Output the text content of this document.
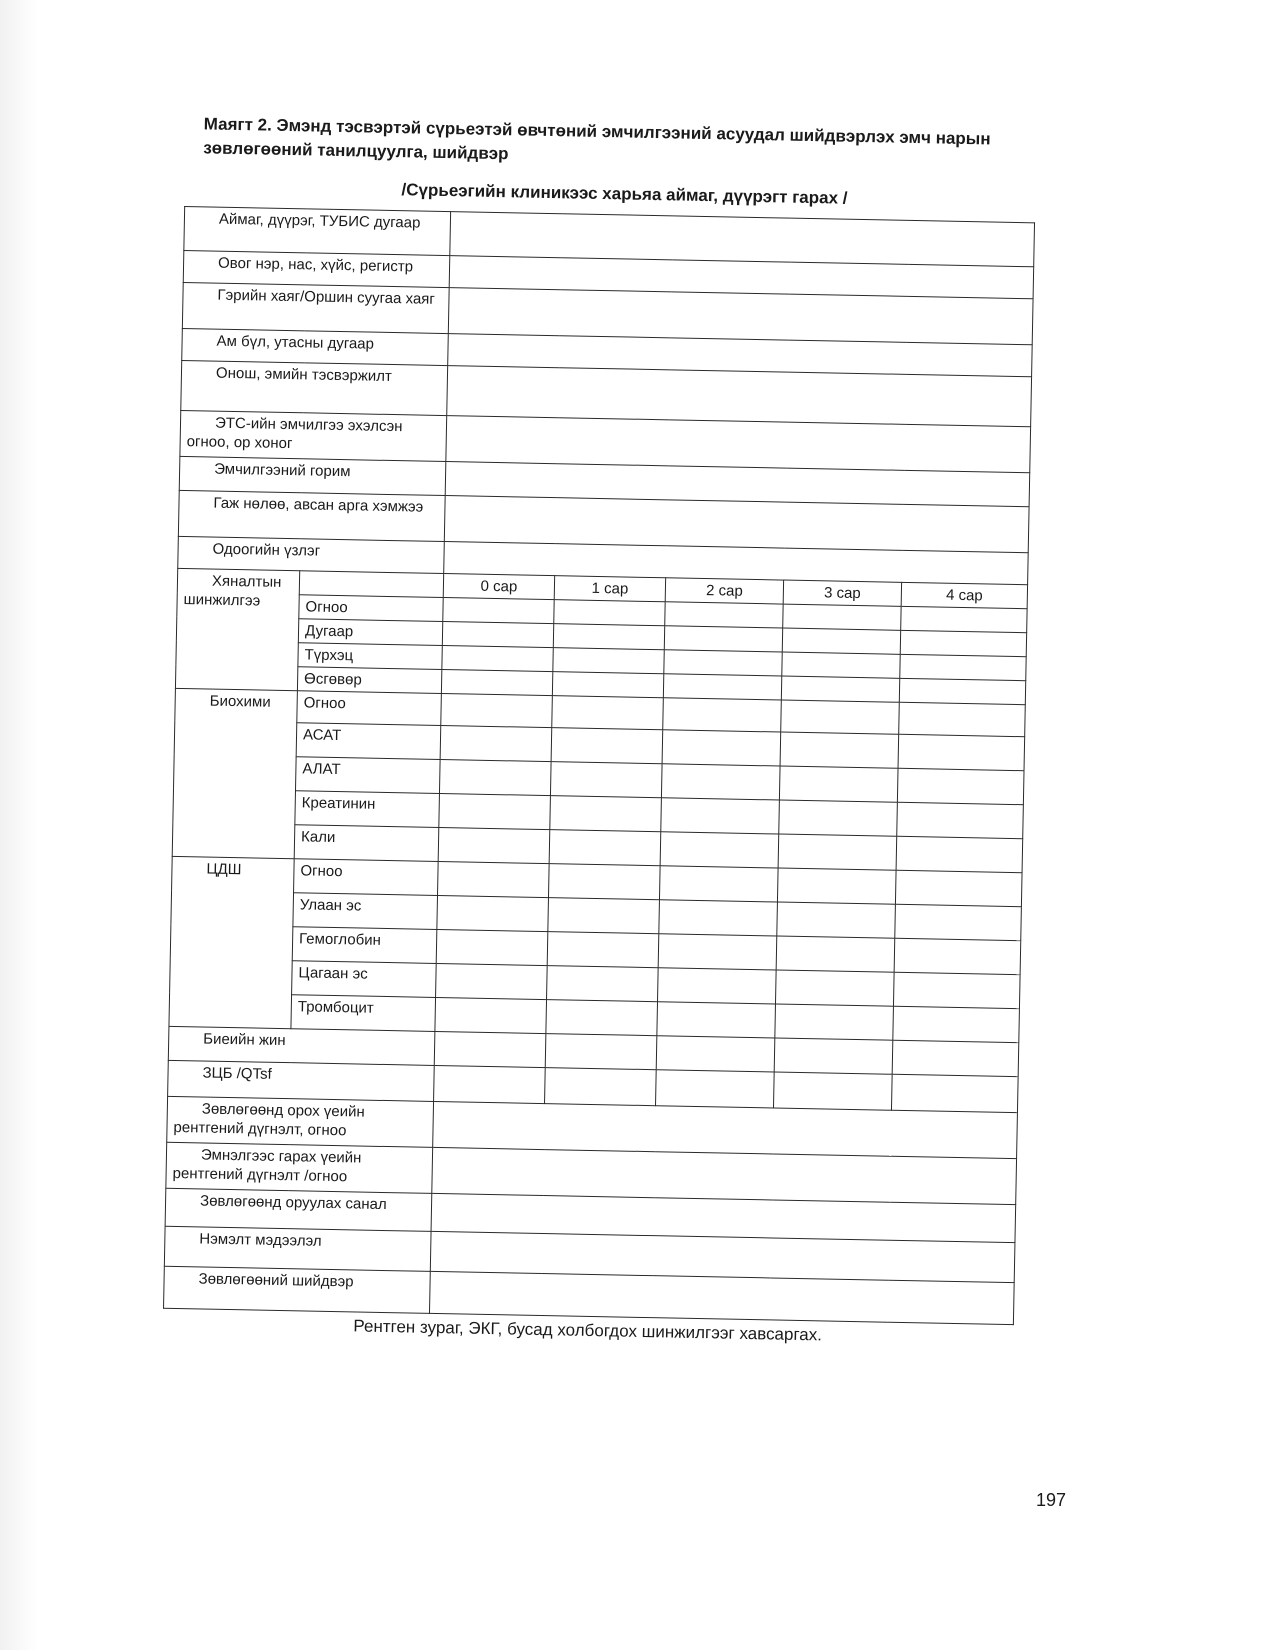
Маягт 2. Эмэнд тэсвэртэй сүрьеэтэй өвчтөний эмчилгээний асуудал шийдвэрлэх эмч нарын зөвлөгөөний танилцуулга, шийдвэр
/Сүрьеэгийн клиникээс харьяа аймаг, дүүрэгт гарах /
Аймаг, дүүрэг, ТУБИС дугаар						
Овог нэр, нас, хүйс, регистр						
Гэрийн хаяг/Оршин суугаа хаяг						
Ам бүл, утасны дугаар						
Онош, эмийн тэсвэржилт						
ЭТС-ийн эмчилгээ эхэлсэн огноо, ор хоног						
Эмчилгээний горим						
Гаж нөлөө, авсан арга хэмжээ						
Одоогийн үзлэг						
Хяналтын шинжилгээ		0 сар	1 сар	2 сар	3 сар	4 сар
	Огноо					
	Дугаар					
	Түрхэц					
	Өсгөвөр					
Биохими	Огноо					
	АСАТ					
	АЛАТ					
	Креатинин					
	Кали					
ЦДШ	Огноо					
	Улаан эс					
	Гемоглобин					
	Цагаан эс					
	Тромбоцит					
Биеийн жин						
ЗЦБ /QTsf						
Зөвлөгөөнд орох үеийн рентгений дүгнэлт, огноо						
Эмнэлгээс гарах үеийн рентгений дүгнэлт /огноо						
Зөвлөгөөнд оруулах санал						
Нэмэлт мэдээлэл						
Зөвлөгөөний шийдвэр						
Рентген зураг, ЭКГ, бусад холбогдох шинжилгээг хавсаргах.
197
